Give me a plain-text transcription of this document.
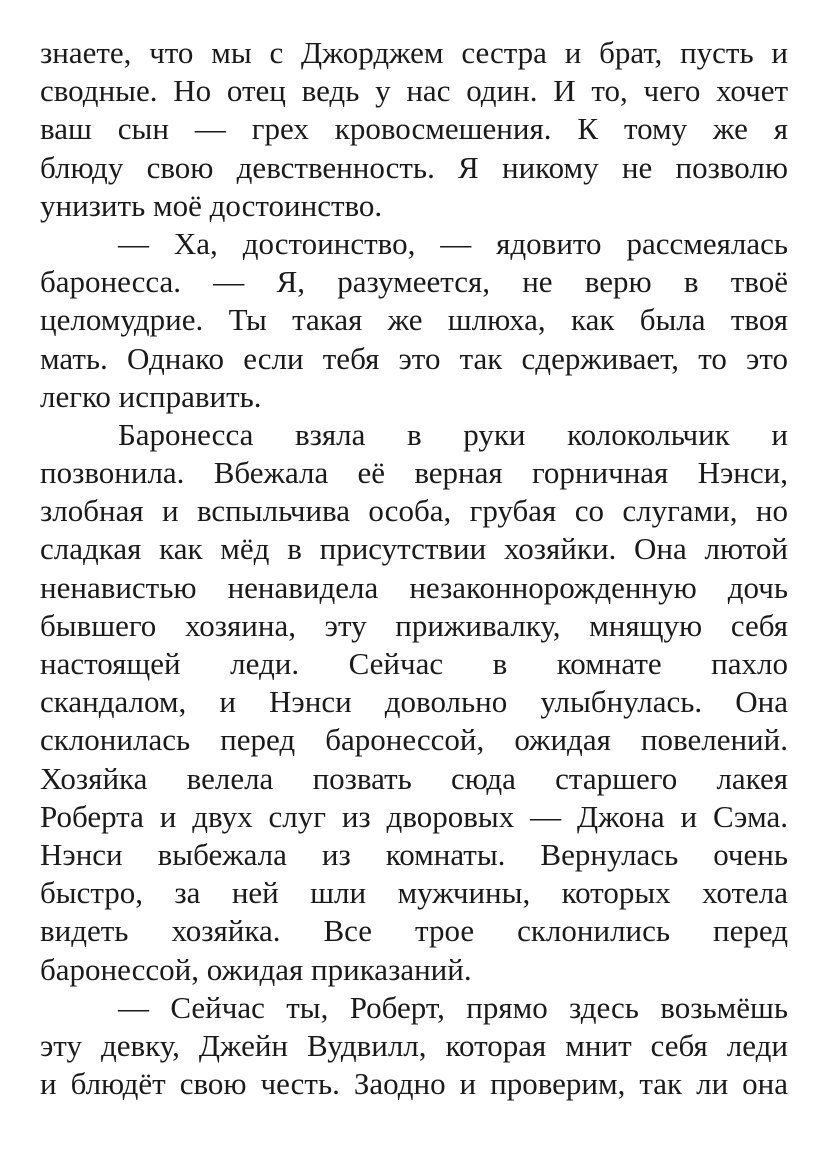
знаете, что мы с Джорджем сестра и брат, пусть и
сводные. Но отец ведь у нас один. И то, чего хочет
ваш сын — грех кровосмешения. К тому же я
блюду свою девственность. Я никому не позволю
унизить моё достоинство.
— Ха, достоинство, — ядовито рассмеялась
баронесса. — Я, разумеется, не верю в твоё
целомудрие. Ты такая же шлюха, как была твоя
мать. Однако если тебя это так сдерживает, то это
легко исправить.
Баронесса взяла в руки колокольчик и
позвонила. Вбежала её верная горничная Нэнси,
злобная и вспыльчива особа, грубая со слугами, но
сладкая как мёд в присутствии хозяйки. Она лютой
ненавистью ненавидела незаконнорожденную дочь
бывшего хозяина, эту приживалку, мнящую себя
настоящей леди. Сейчас в комнате пахло
скандалом, и Нэнси довольно улыбнулась. Она
склонилась перед баронессой, ожидая повелений.
Хозяйка велела позвать сюда старшего лакея
Роберта и двух слуг из дворовых — Джона и Сэма.
Нэнси выбежала из комнаты. Вернулась очень
быстро, за ней шли мужчины, которых хотела
видеть хозяйка. Все трое склонились перед
баронессой, ожидая приказаний.
— Сейчас ты, Роберт, прямо здесь возьмёшь
эту девку, Джейн Вудвилл, которая мнит себя леди
и блюдёт свою честь. Заодно и проверим, так ли она
